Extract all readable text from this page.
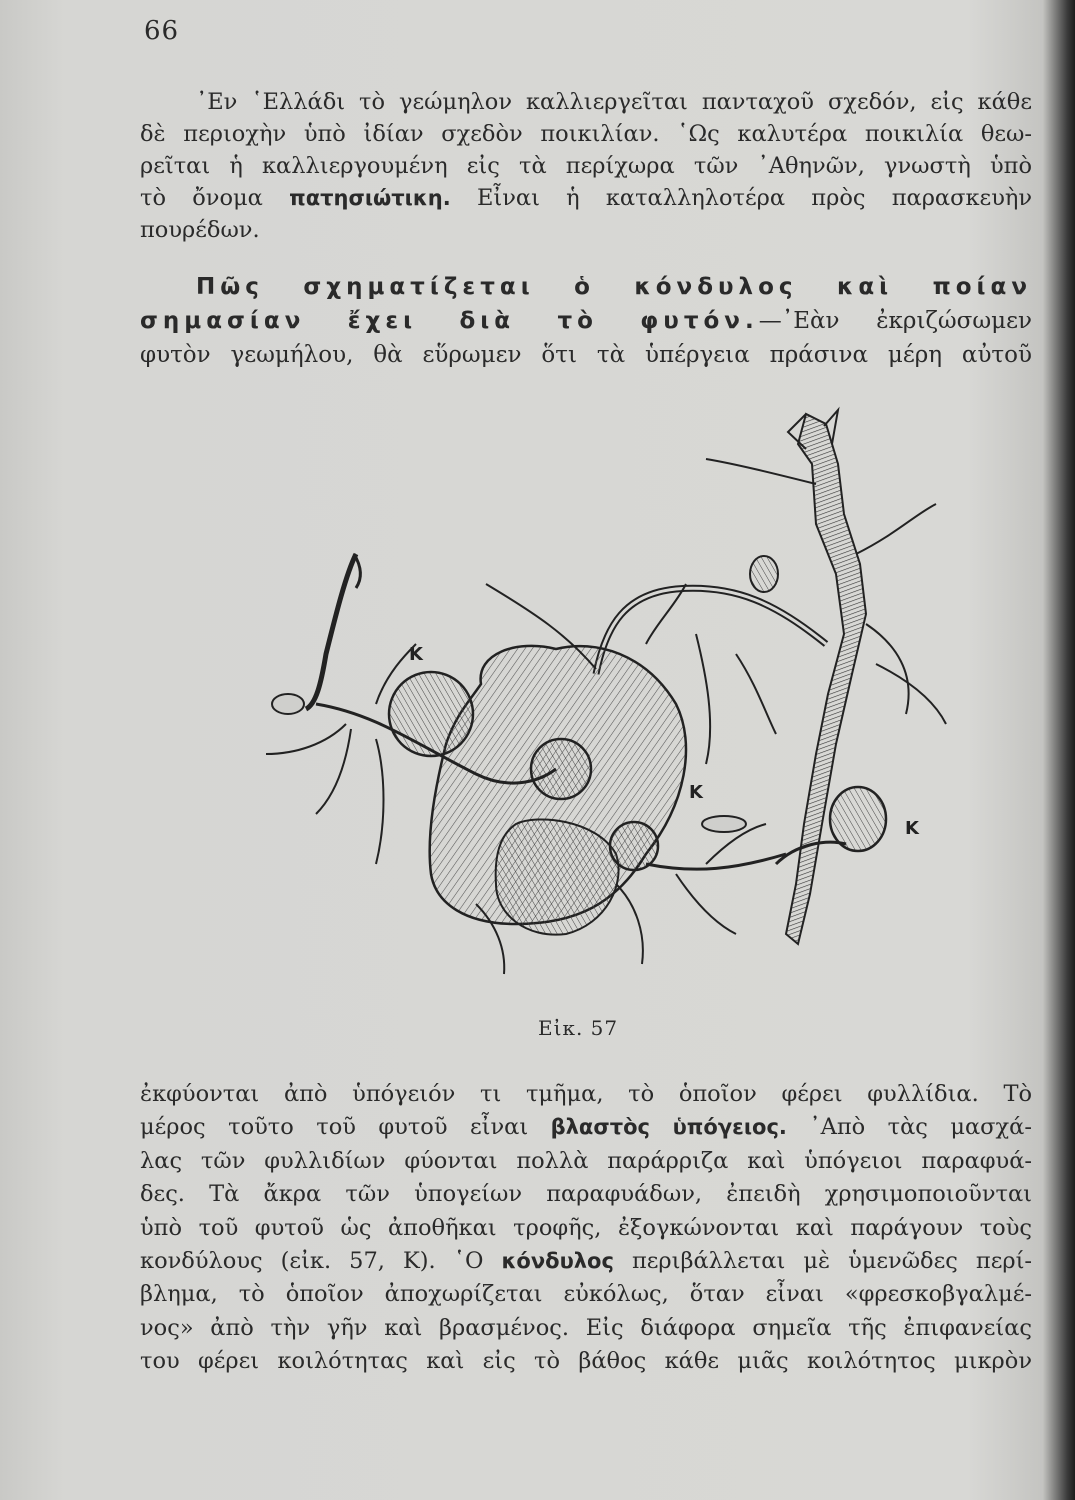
66
᾿Εν ῾Ελλάδι τὸ γεώμηλον καλλιεργεῖται πανταχοῦ σχεδόν, εἰς κάθε
δὲ περιοχὴν ὑπὸ ἰδίαν σχεδὸν ποικιλίαν. ῾Ως καλυτέρα ποικιλία θεω-
ρεῖται ἡ καλλιεργουμένη εἰς τὰ περίχωρα τῶν ᾿Αθηνῶν, γνωστὴ ὑπὸ
τὸ ὄνομα πατησιώτικη. Εἶναι ἡ καταλληλοτέρα πρὸς παρασκευὴν
πουρέδων.
Πῶς σχηματίζεται ὁ κόνδυλος καὶ ποίαν
σημασίαν ἔχει διὰ τὸ φυτόν.—᾿Εὰν ἐκριζώσωμεν
φυτὸν γεωμήλου, θὰ εὕρωμεν ὅτι τὰ ὑπέργεια πράσινα μέρη αὐτοῦ
Κ
Κ
Κ
Εἰκ. 57
ἐκφύονται ἀπὸ ὑπόγειόν τι τμῆμα, τὸ ὁποῖον φέρει φυλλίδια. Τὸ
μέρος τοῦτο τοῦ φυτοῦ εἶναι βλαστὸς ὑπόγειος. ᾿Απὸ τὰς μασχά-
λας τῶν φυλλιδίων φύονται πολλὰ παράρριζα καὶ ὑπόγειοι παραφυά-
δες. Τὰ ἄκρα τῶν ὑπογείων παραφυάδων, ἐπειδὴ χρησιμοποιοῦνται
ὑπὸ τοῦ φυτοῦ ὡς ἀποθῆκαι τροφῆς, ἐξογκώνονται καὶ παράγουν τοὺς
κονδύλους (εἰκ. 57, Κ). ῾Ο κόνδυλος περιβάλλεται μὲ ὑμενῶδες περί-
βλημα, τὸ ὁποῖον ἀποχωρίζεται εὐκόλως, ὅταν εἶναι «φρεσκοβγαλμέ-
νος» ἀπὸ τὴν γῆν καὶ βρασμένος. Εἰς διάφορα σημεῖα τῆς ἐπιφανείας
του φέρει κοιλότητας καὶ εἰς τὸ βάθος κάθε μιᾶς κοιλότητος μικρὸν
